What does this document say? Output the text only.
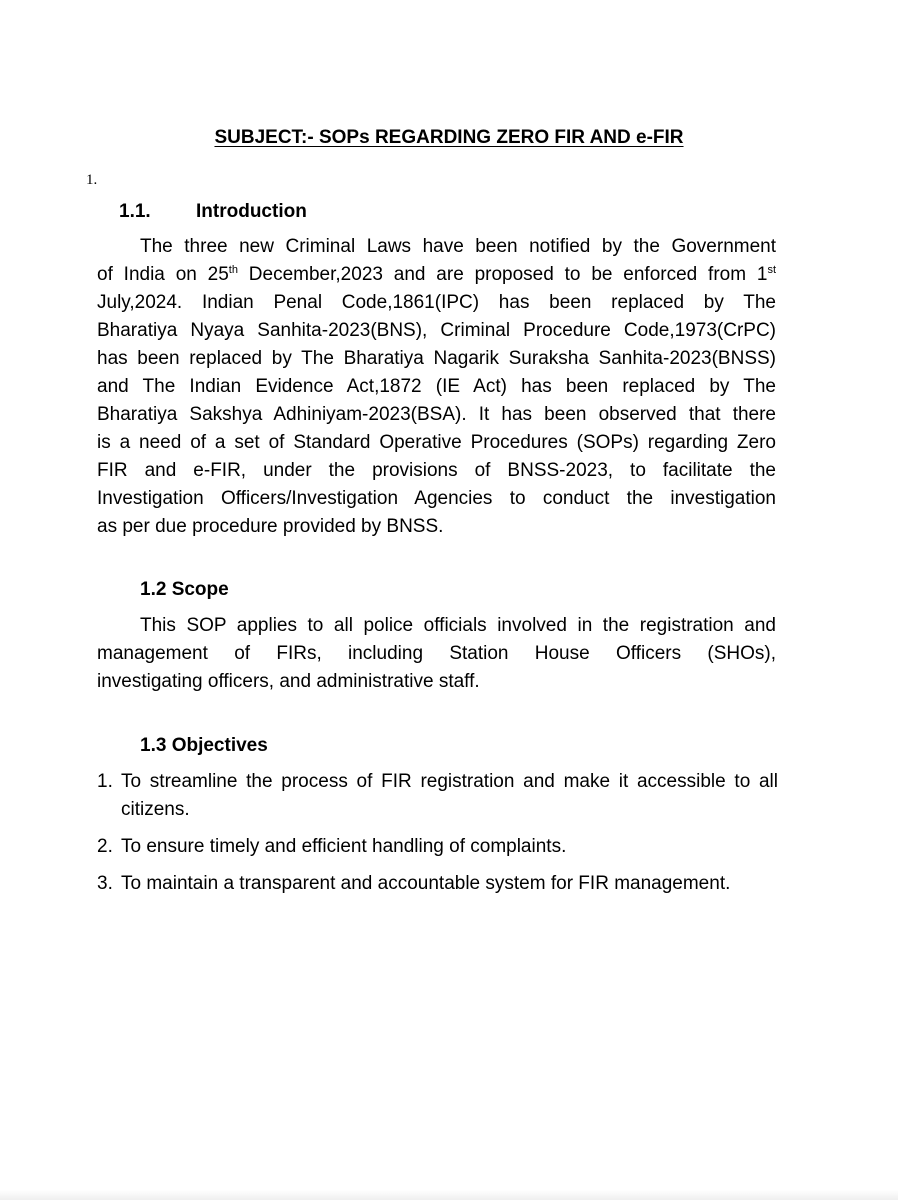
SUBJECT:- SOPs REGARDING ZERO FIR AND e-FIR
1.
1.1. Introduction
The three new Criminal Laws have been notified by the Government
of India on 25th December,2023 and are proposed to be enforced from 1st
July,2024. Indian Penal Code,1861(IPC) has been replaced by The
Bharatiya Nyaya Sanhita-2023(BNS), Criminal Procedure Code,1973(CrPC)
has been replaced by The Bharatiya Nagarik Suraksha Sanhita-2023(BNSS)
and The Indian Evidence Act,1872 (IE Act) has been replaced by The
Bharatiya Sakshya Adhiniyam-2023(BSA). It has been observed that there
is a need of a set of Standard Operative Procedures (SOPs) regarding Zero
FIR and e-FIR, under the provisions of BNSS-2023, to facilitate the
Investigation Officers/Investigation Agencies to conduct the investigation
as per due procedure provided by BNSS.
1.2 Scope
This SOP applies to all police officials involved in the registration and
management of FIRs, including Station House Officers (SHOs),
investigating officers, and administrative staff.
1.3 Objectives
1. To streamline the process of FIR registration and make it accessible to all citizens.
2. To ensure timely and efficient handling of complaints.
3. To maintain a transparent and accountable system for FIR management.
